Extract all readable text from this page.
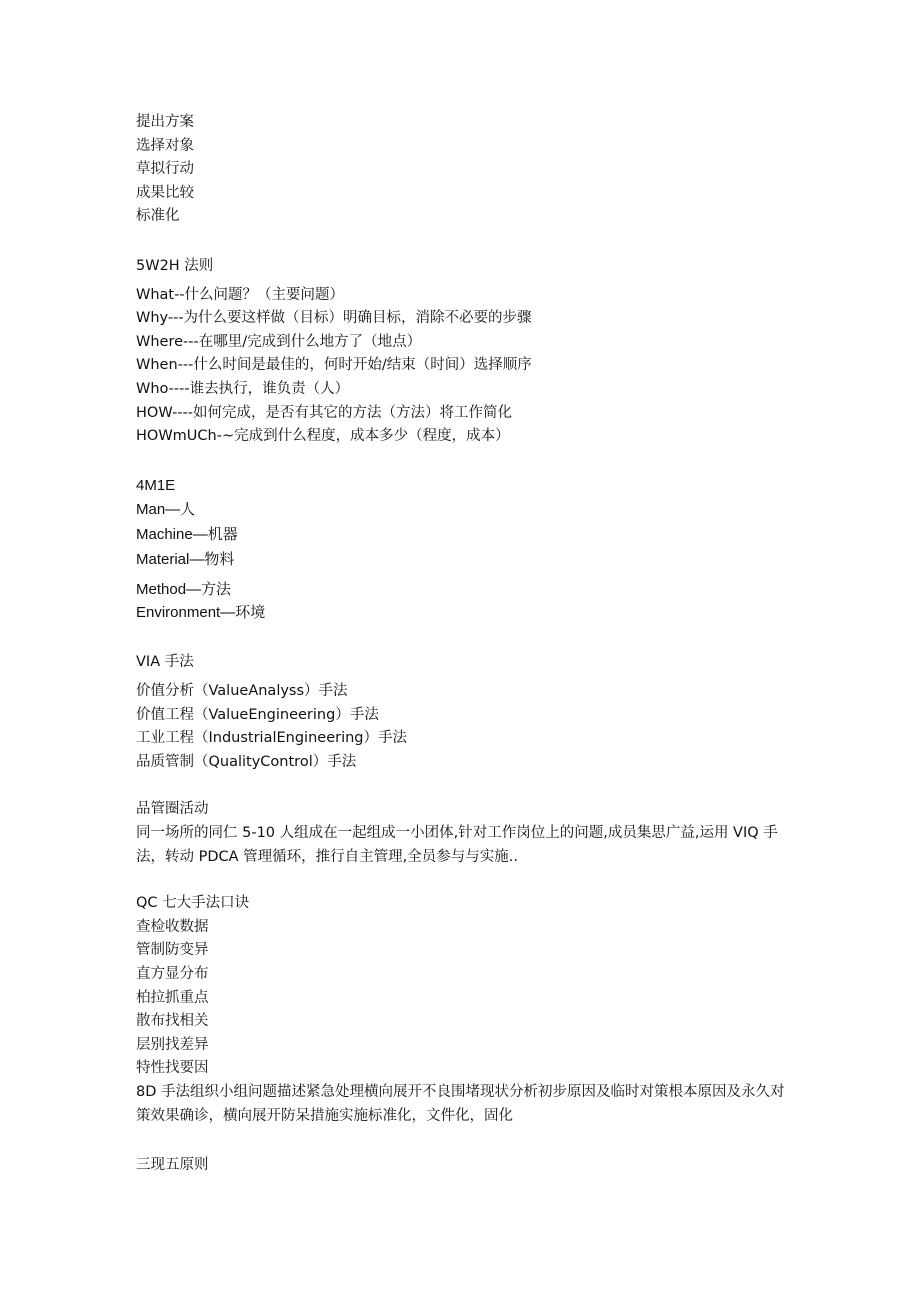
提出方案
选择对象
草拟行动
成果比较
标准化
5W2H 法则
What--什么问题？（主要问题）
Why---为什么要这样做（目标）明确目标，消除不必要的步骤
Where---在哪里/完成到什么地方了（地点）
When---什么时间是最佳的，何时开始/结束（时间）选择顺序
Who----谁去执行，谁负责（人）
HOW----如何完成，是否有其它的方法（方法）将工作简化
HOWmUCh-~完成到什么程度，成本多少（程度，成本）
4M1E
Man—人
Machine—机器
Material—物料
Method—方法
Environment—环境
VIA 手法
价值分析（ValueAnalyss）手法
价值工程（ValueEngineering）手法
工业工程（IndustrialEngineering）手法
品质管制（QualityControl）手法
品管圈活动
同一场所的同仁 5-10 人组成在一起组成一小团体,针对工作岗位上的问题,成员集思广益,运用 VIQ 手法，转动 PDCA 管理循环，推行自主管理,全员参与与实施..
QC 七大手法口诀
查检收数据
管制防变异
直方显分布
柏拉抓重点
散布找相关
层别找差异
特性找要因
8D 手法组织小组问题描述紧急处理横向展开不良围堵现状分析初步原因及临时对策根本原因及永久对策效果确诊，横向展开防呆措施实施标准化，文件化，固化
三现五原则
